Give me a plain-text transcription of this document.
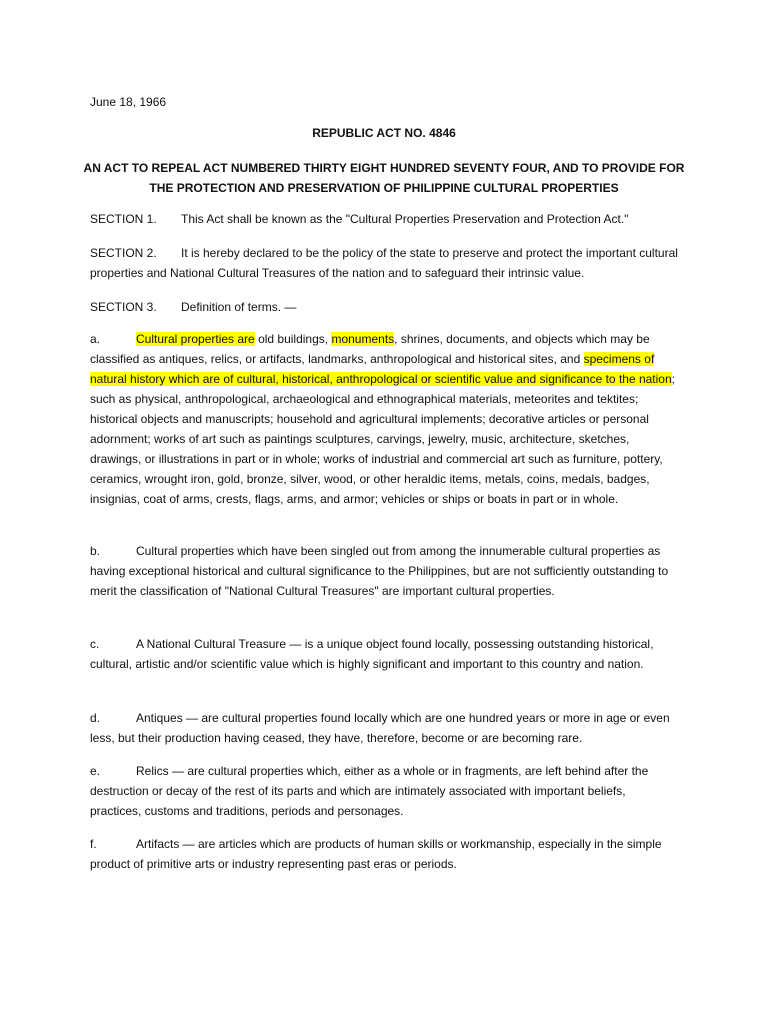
June 18, 1966
REPUBLIC ACT NO. 4846
AN ACT TO REPEAL ACT NUMBERED THIRTY EIGHT HUNDRED SEVENTY FOUR, AND TO PROVIDE FOR
THE PROTECTION AND PRESERVATION OF PHILIPPINE CULTURAL PROPERTIES
SECTION 1. This Act shall be known as the "Cultural Properties Preservation and Protection Act."
SECTION 2. It is hereby declared to be the policy of the state to preserve and protect the important cultural properties and National Cultural Treasures of the nation and to safeguard their intrinsic value.
SECTION 3. Definition of terms. —
a.	Cultural properties are old buildings, monuments, shrines, documents, and objects which may be classified as antiques, relics, or artifacts, landmarks, anthropological and historical sites, and specimens of natural history which are of cultural, historical, anthropological or scientific value and significance to the nation; such as physical, anthropological, archaeological and ethnographical materials, meteorites and tektites; historical objects and manuscripts; household and agricultural implements; decorative articles or personal adornment; works of art such as paintings sculptures, carvings, jewelry, music, architecture, sketches, drawings, or illustrations in part or in whole; works of industrial and commercial art such as furniture, pottery, ceramics, wrought iron, gold, bronze, silver, wood, or other heraldic items, metals, coins, medals, badges, insignias, coat of arms, crests, flags, arms, and armor; vehicles or ships or boats in part or in whole.
b.	Cultural properties which have been singled out from among the innumerable cultural properties as having exceptional historical and cultural significance to the Philippines, but are not sufficiently outstanding to merit the classification of "National Cultural Treasures" are important cultural properties.
c.	A National Cultural Treasure — is a unique object found locally, possessing outstanding historical, cultural, artistic and/or scientific value which is highly significant and important to this country and nation.
d.	Antiques — are cultural properties found locally which are one hundred years or more in age or even less, but their production having ceased, they have, therefore, become or are becoming rare.
e.	Relics — are cultural properties which, either as a whole or in fragments, are left behind after the destruction or decay of the rest of its parts and which are intimately associated with important beliefs, practices, customs and traditions, periods and personages.
f.	Artifacts — are articles which are products of human skills or workmanship, especially in the simple product of primitive arts or industry representing past eras or periods.
